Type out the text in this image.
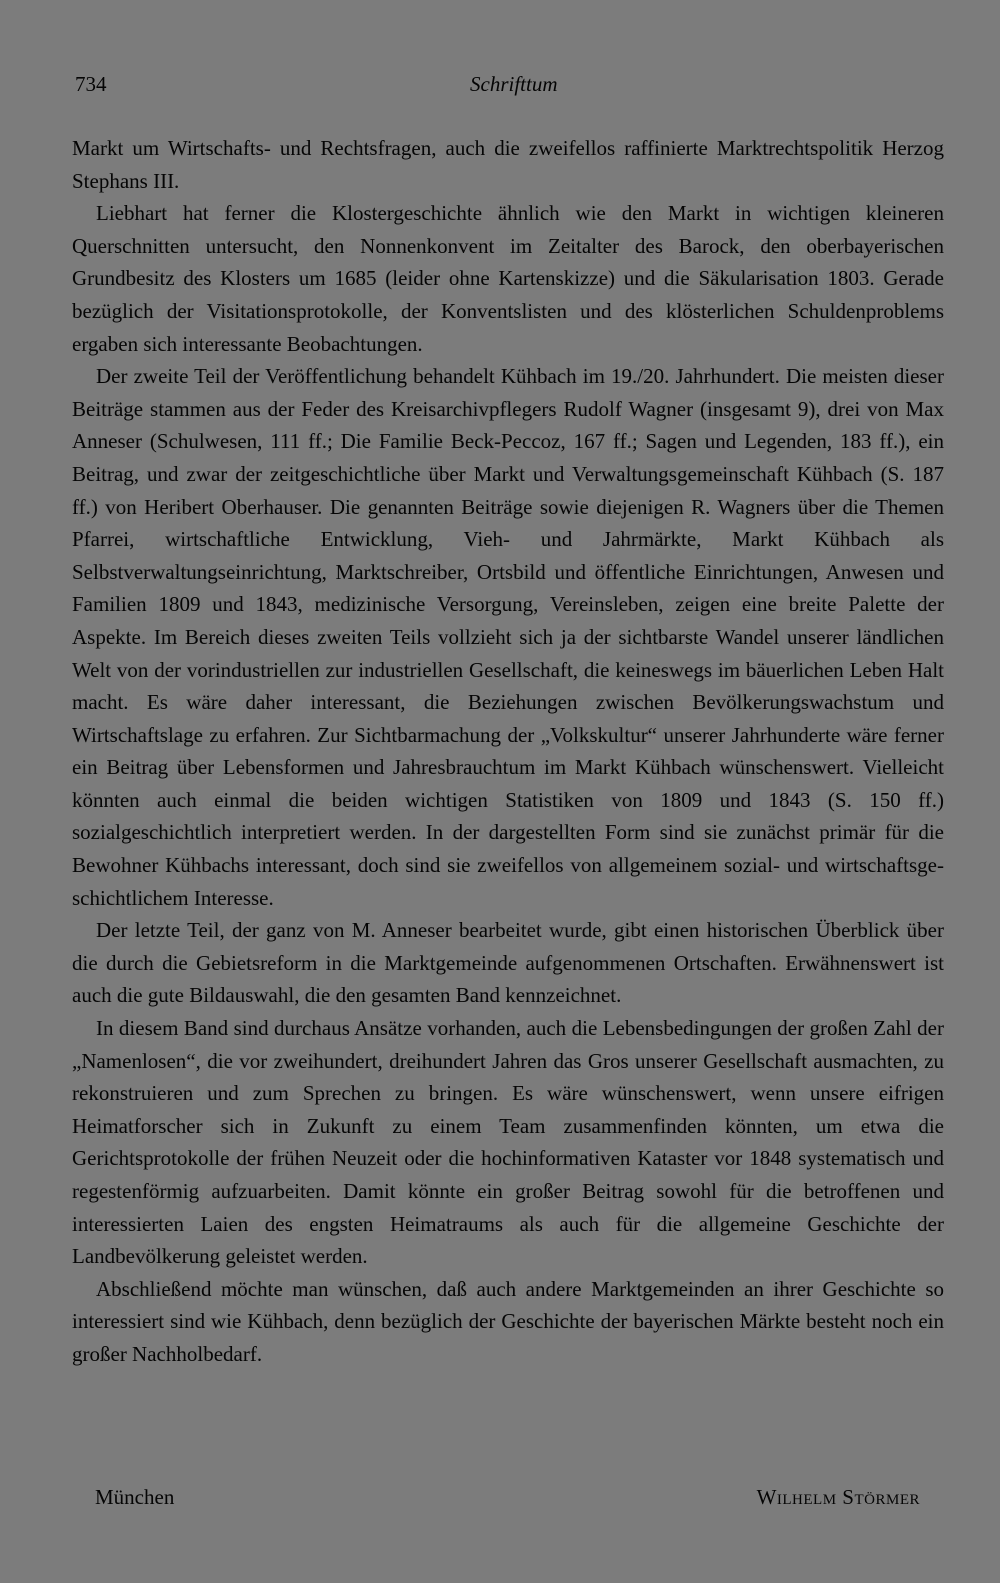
734	Schrifttum

Markt um Wirtschafts- und Rechtsfragen, auch die zweifellos raffinierte Marktrechtspolitik Herzog Stephans III.

Liebhart hat ferner die Klostergeschichte ähnlich wie den Markt in wichtigen kleineren Querschnitten untersucht, den Nonnenkonvent im Zeitalter des Barock, den oberbayerischen Grundbesitz des Klosters um 1685 (leider ohne Kartenskizze) und die Säkularisation 1803. Gerade bezüglich der Visitationsprotokolle, der Konventslisten und des klösterlichen Schuldenproblems ergaben sich interessante Beobachtungen.

Der zweite Teil der Veröffentlichung behandelt Kühbach im 19./20. Jahrhundert. Die meisten dieser Beiträge stammen aus der Feder des Kreisarchivpflegers Rudolf Wagner (insgesamt 9), drei von Max Anneser (Schulwesen, 111 ff.; Die Familie Beck-Peccoz, 167 ff.; Sagen und Legenden, 183 ff.), ein Beitrag, und zwar der zeitgeschichtliche über Markt und Verwaltungsgemeinschaft Kühbach (S. 187 ff.) von Heribert Oberhauser. Die genannten Beiträge sowie diejenigen R. Wagners über die Themen Pfarrei, wirtschaftliche Entwicklung, Vieh- und Jahrmärkte, Markt Kühbach als Selbstverwaltungseinrichtung, Marktschreiber, Ortsbild und öffentliche Einrichtungen, Anwesen und Familien 1809 und 1843, medizinische Versorgung, Vereinsleben, zeigen eine breite Palette der Aspekte. Im Bereich dieses zweiten Teils vollzieht sich ja der sichtbarste Wandel unserer ländlichen Welt von der vorindustriellen zur industriellen Gesellschaft, die keineswegs im bäuerlichen Leben Halt macht. Es wäre daher interessant, die Beziehungen zwischen Bevölkerungswachstum und Wirtschaftslage zu erfahren. Zur Sichtbarmachung der „Volkskultur“ unserer Jahrhunderte wäre ferner ein Beitrag über Lebensformen und Jahresbrauchtum im Markt Kühbach wünschenswert. Vielleicht könnten auch einmal die beiden wichtigen Statistiken von 1809 und 1843 (S. 150 ff.) sozialgeschichtlich interpretiert werden. In der dargestellten Form sind sie zunächst primär für die Bewohner Kühbachs interessant, doch sind sie zweifellos von allgemeinem sozial- und wirtschaftsgeschichtlichem Interesse.

Der letzte Teil, der ganz von M. Anneser bearbeitet wurde, gibt einen historischen Überblick über die durch die Gebietsreform in die Marktgemeinde aufgenommenen Ortschaften. Erwähnenswert ist auch die gute Bildauswahl, die den gesamten Band kennzeichnet.

In diesem Band sind durchaus Ansätze vorhanden, auch die Lebensbedingungen der großen Zahl der „Namenlosen“, die vor zweihundert, dreihundert Jahren das Gros unserer Gesellschaft ausmachten, zu rekonstruieren und zum Sprechen zu bringen. Es wäre wünschenswert, wenn unsere eifrigen Heimatforscher sich in Zukunft zu einem Team zusammenfinden könnten, um etwa die Gerichtsprotokolle der frühen Neuzeit oder die hochinformativen Kataster vor 1848 systematisch und regestenförmig aufzuarbeiten. Damit könnte ein großer Beitrag sowohl für die betroffenen und interessierten Laien des engsten Heimatraums als auch für die allgemeine Geschichte der Landbevölkerung geleistet werden.

Abschließend möchte man wünschen, daß auch andere Marktgemeinden an ihrer Geschichte so interessiert sind wie Kühbach, denn bezüglich der Geschichte der bayerischen Märkte besteht noch ein großer Nachholbedarf.

München	Wilhelm Störmer
